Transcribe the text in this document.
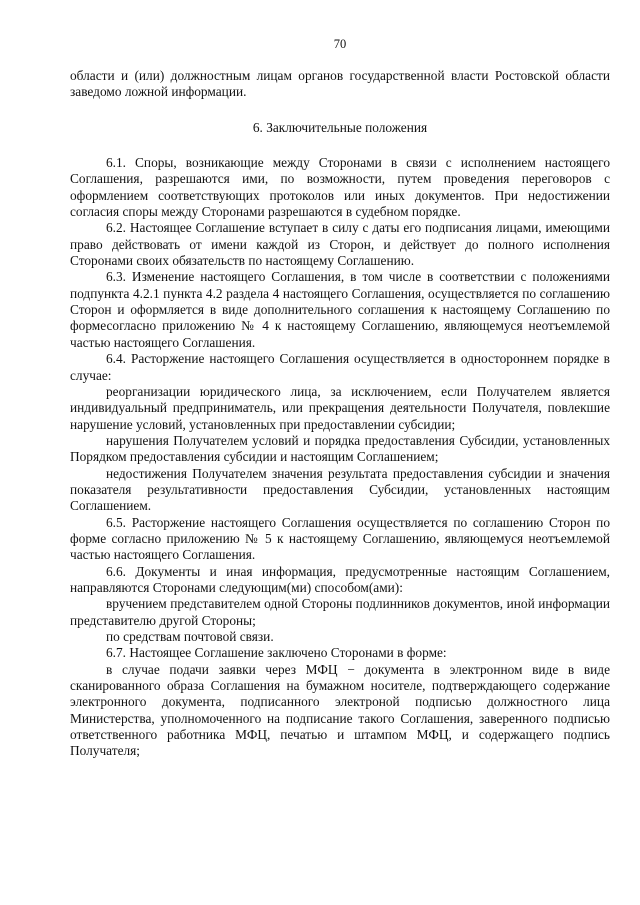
70

области и (или) должностным лицам органов государственной власти Ростовской области заведомо ложной информации.

6. Заключительные положения

6.1. Споры, возникающие между Сторонами в связи с исполнением настоящего Соглашения, разрешаются ими, по возможности, путем проведения переговоров с оформлением соответствующих протоколов или иных документов. При недостижении согласия споры между Сторонами разрешаются в судебном порядке.

6.2. Настоящее Соглашение вступает в силу с даты его подписания лицами, имеющими право действовать от имени каждой из Сторон, и действует до полного исполнения Сторонами своих обязательств по настоящему Соглашению.

6.3. Изменение настоящего Соглашения, в том числе в соответствии с положениями подпункта 4.2.1 пункта 4.2 раздела 4 настоящего Соглашения, осуществляется по соглашению Сторон и оформляется в виде дополнительного соглашения к настоящему Соглашению по формесогласно приложению № 4 к настоящему Соглашению, являющемуся неотъемлемой частью настоящего Соглашения.

6.4. Расторжение настоящего Соглашения осуществляется в одностороннем порядке в случае:

реорганизации юридического лица, за исключением, если Получателем является индивидуальный предприниматель, или прекращения деятельности Получателя, повлекшие нарушение условий, установленных при предоставлении субсидии;

нарушения Получателем условий и порядка предоставления Субсидии, установленных Порядком предоставления субсидии и настоящим Соглашением;

недостижения Получателем значения результата предоставления субсидии и значения показателя результативности предоставления Субсидии, установленных настоящим Соглашением.

6.5. Расторжение настоящего Соглашения осуществляется по соглашению Сторон по форме согласно приложению № 5 к настоящему Соглашению, являющемуся неотъемлемой частью настоящего Соглашения.

6.6. Документы и иная информация, предусмотренные настоящим Соглашением, направляются Сторонами следующим(ми) способом(ами):

вручением представителем одной Стороны подлинников документов, иной информации представителю другой Стороны;

по средствам почтовой связи.

6.7. Настоящее Соглашение заключено Сторонами в форме:

в случае подачи заявки через МФЦ − документа в электронном виде в виде сканированного образа Соглашения на бумажном носителе, подтверждающего содержание электронного документа, подписанного электроной подписью должностного лица Министерства, уполномоченного на подписание такого Соглашения, заверенного подписью ответственного работника МФЦ, печатью и штампом МФЦ, и содержащего подпись Получателя;
